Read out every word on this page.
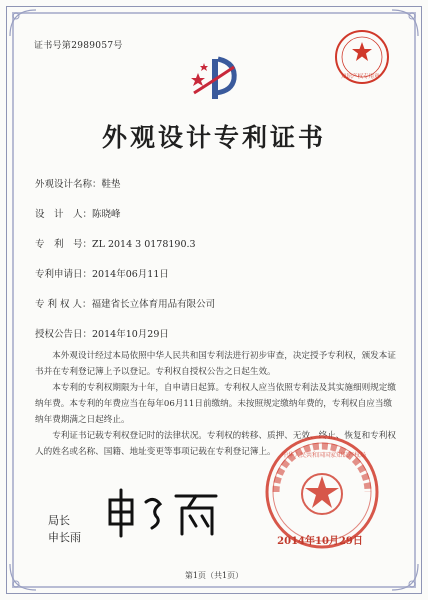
证书号第2989057号
知识产权专用章
外观设计专利证书
外观设计名称：鞋垫
设　计　人：陈晓峰
专　利　号：ZL 2014 3 0178190.3
专利申请日：2014年06月11日
专 利 权 人：福建省长立体育用品有限公司
授权公告日：2014年10月29日

本外观设计经过本局依照中华人民共和国专利法进行初步审查，决定授予专利权，颁发本证书并在专利登记簿上予以登记。专利权自授权公告之日起生效。

本专利的专利权期限为十年，自申请日起算。专利权人应当依照专利法及其实施细则规定缴纳年费。本专利的年费应当在每年06月11日前缴纳。未按照规定缴纳年费的，专利权自应当缴纳年费期满之日起终止。

专利证书记载专利权登记时的法律状况。专利权的转移、质押、无效、终止、恢复和专利权人的姓名或名称、国籍、地址变更等事项记载在专利登记簿上。

局长
申长雨	2014年10月29日
中华人民共和国国家知识产权局
第1页（共1页）
